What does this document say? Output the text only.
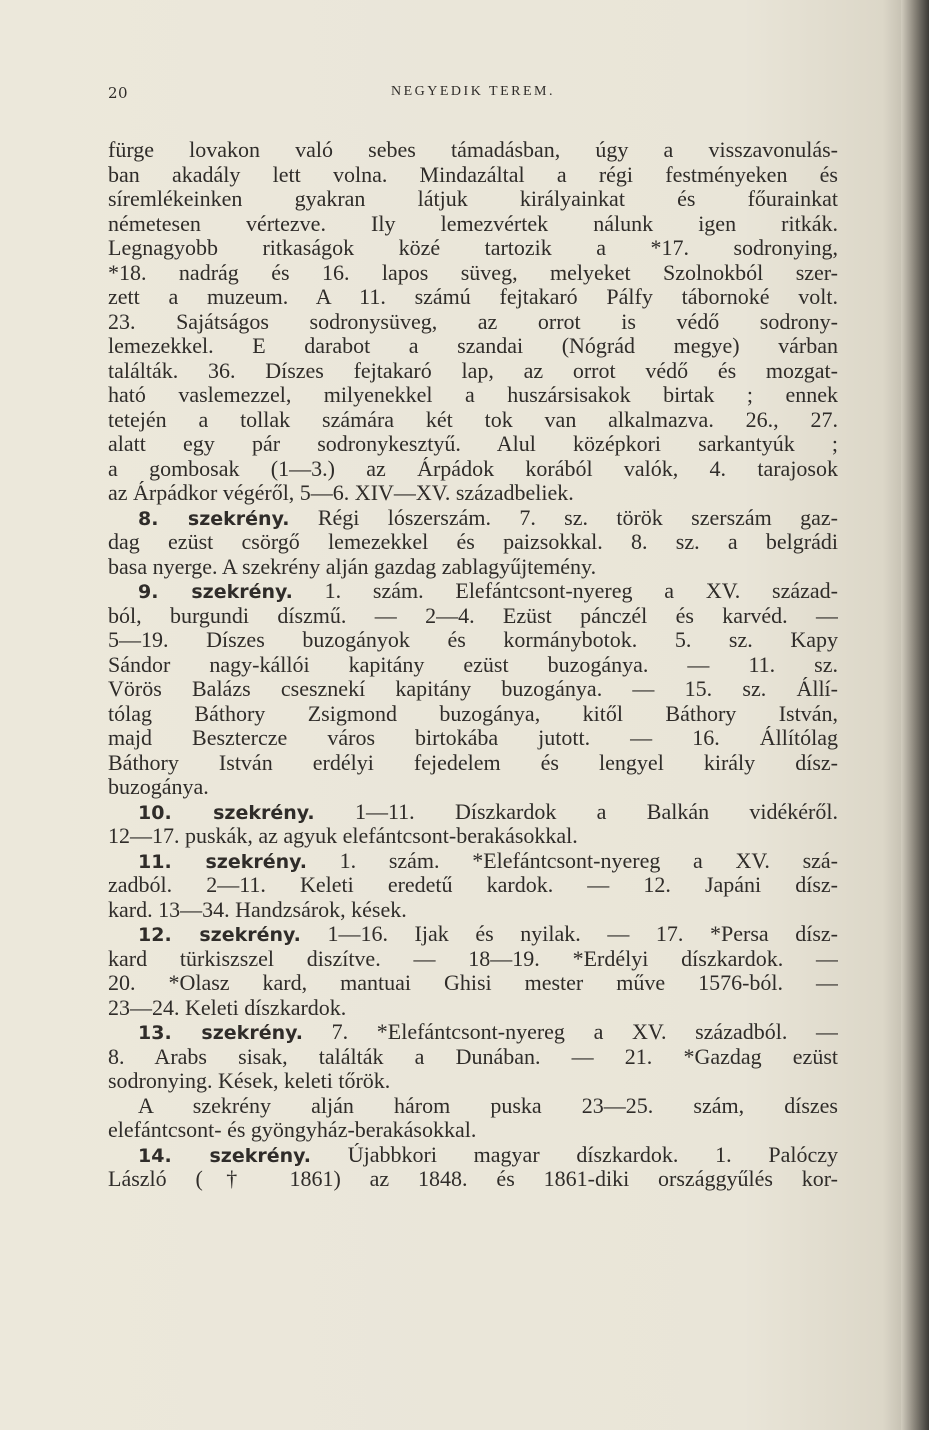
20	NEGYEDIK TEREM.
fürge lovakon való sebes támadásban, úgy a visszavonulás-
ban akadály lett volna. Mindazáltal a régi festményeken és
síremlékeinken gyakran látjuk királyainkat és főurainkat
németesen vértezve. Ily lemezvértek nálunk igen ritkák.
Legnagyobb ritkaságok közé tartozik a *17. sodronying,
*18. nadrág és 16. lapos süveg, melyeket Szolnokból szer-
zett a muzeum. A 11. számú fejtakaró Pálfy tábornoké volt.
23. Sajátságos sodronysüveg, az orrot is védő sodrony-
lemezekkel. E darabot a szandai (Nógrád megye) várban
találták. 36. Díszes fejtakaró lap, az orrot védő és mozgat-
ható vaslemezzel, milyenekkel a huszársisakok birtak ; ennek
tetején a tollak számára két tok van alkalmazva. 26., 27.
alatt egy pár sodronykesztyű. Alul középkori sarkantyúk ;
a gombosak (1—3.) az Árpádok korából valók, 4. tarajosok
az Árpádkor végéről, 5—6. XIV—XV. századbeliek.
8. szekrény. Régi lószerszám. 7. sz. török szerszám gaz-
dag ezüst csörgő lemezekkel és paizsokkal. 8. sz. a belgrádi
basa nyerge. A szekrény alján gazdag zablagyűjtemény.
9. szekrény. 1. szám. Elefántcsont-nyereg a XV. század-
ból, burgundi díszmű. — 2—4. Ezüst pánczél és karvéd. —
5—19. Díszes buzogányok és kormánybotok. 5. sz. Kapy
Sándor nagy-kállói kapitány ezüst buzogánya. — 11. sz.
Vörös Balázs csesznekí kapitány buzogánya. — 15. sz. Állí-
tólag Báthory Zsigmond buzogánya, kitől Báthory István,
majd Besztercze város birtokába jutott. — 16. Állítólag
Báthory István erdélyi fejedelem és lengyel király dísz-
buzogánya.
10. szekrény. 1—11. Díszkardok a Balkán vidékéről.
12—17. puskák, az agyuk elefántcsont-berakásokkal.
11. szekrény. 1. szám. *Elefántcsont-nyereg a XV. szá-
zadból. 2—11. Keleti eredetű kardok. — 12. Japáni dísz-
kard. 13—34. Handzsárok, kések.
12. szekrény. 1—16. Ijak és nyilak. — 17. *Persa dísz-
kard türkiszszel diszítve. — 18—19. *Erdélyi díszkardok. —
20. *Olasz kard, mantuai Ghisi mester műve 1576-ból. —
23—24. Keleti díszkardok.
13. szekrény. 7. *Elefántcsont-nyereg a XV. századból. —
8. Arabs sisak, találták a Dunában. — 21. *Gazdag ezüst
sodronying. Kések, keleti tőrök.
A szekrény alján három puska 23—25. szám, díszes
elefántcsont- és gyöngyház-berakásokkal.
14. szekrény. Újabbkori magyar díszkardok. 1. Palóczy
László († 1861) az 1848. és 1861-diki országgyűlés kor-
